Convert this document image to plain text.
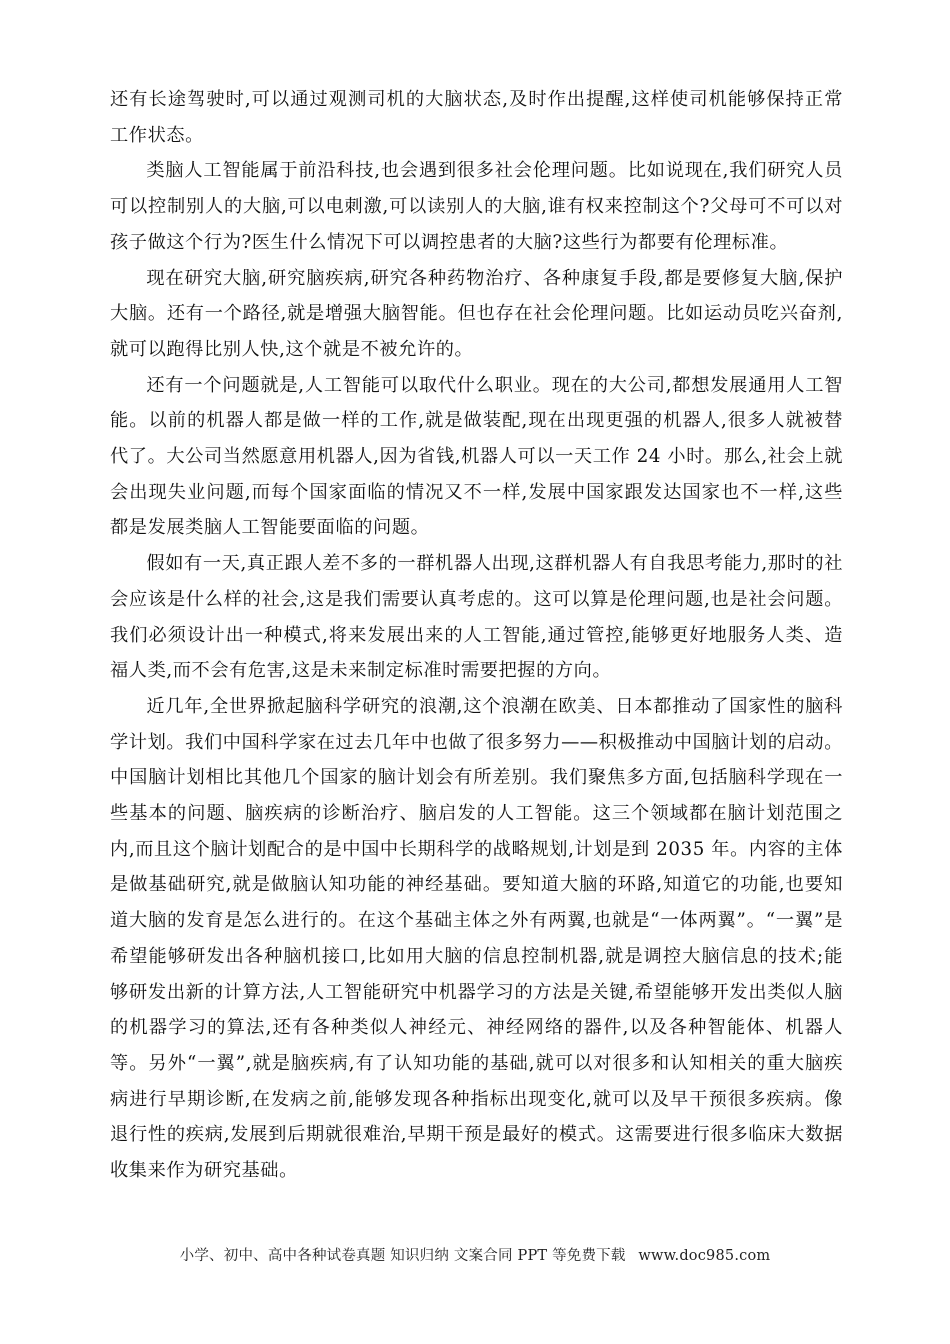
还有长途驾驶时,可以通过观测司机的大脑状态,及时作出提醒,这样使司机能够保持正常工作状态。

类脑人工智能属于前沿科技,也会遇到很多社会伦理问题。比如说现在,我们研究人员可以控制别人的大脑,可以电刺激,可以读别人的大脑,谁有权来控制这个?父母可不可以对孩子做这个行为?医生什么情况下可以调控患者的大脑?这些行为都要有伦理标准。

现在研究大脑,研究脑疾病,研究各种药物治疗、各种康复手段,都是要修复大脑,保护大脑。还有一个路径,就是增强大脑智能。但也存在社会伦理问题。比如运动员吃兴奋剂,就可以跑得比别人快,这个就是不被允许的。

还有一个问题就是,人工智能可以取代什么职业。现在的大公司,都想发展通用人工智能。以前的机器人都是做一样的工作,就是做装配,现在出现更强的机器人,很多人就被替代了。大公司当然愿意用机器人,因为省钱,机器人可以一天工作 24 小时。那么,社会上就会出现失业问题,而每个国家面临的情况又不一样,发展中国家跟发达国家也不一样,这些都是发展类脑人工智能要面临的问题。

假如有一天,真正跟人差不多的一群机器人出现,这群机器人有自我思考能力,那时的社会应该是什么样的社会,这是我们需要认真考虑的。这可以算是伦理问题,也是社会问题。我们必须设计出一种模式,将来发展出来的人工智能,通过管控,能够更好地服务人类、造福人类,而不会有危害,这是未来制定标准时需要把握的方向。

近几年,全世界掀起脑科学研究的浪潮,这个浪潮在欧美、日本都推动了国家性的脑科学计划。我们中国科学家在过去几年中也做了很多努力——积极推动中国脑计划的启动。中国脑计划相比其他几个国家的脑计划会有所差别。我们聚焦多方面,包括脑科学现在一些基本的问题、脑疾病的诊断治疗、脑启发的人工智能。这三个领域都在脑计划范围之内,而且这个脑计划配合的是中国中长期科学的战略规划,计划是到 2035 年。内容的主体是做基础研究,就是做脑认知功能的神经基础。要知道大脑的环路,知道它的功能,也要知道大脑的发育是怎么进行的。在这个基础主体之外有两翼,也就是“一体两翼”。“一翼”是希望能够研发出各种脑机接口,比如用大脑的信息控制机器,就是调控大脑信息的技术;能够研发出新的计算方法,人工智能研究中机器学习的方法是关键,希望能够开发出类似人脑的机器学习的算法,还有各种类似人神经元、神经网络的器件,以及各种智能体、机器人等。另外“一翼”,就是脑疾病,有了认知功能的基础,就可以对很多和认知相关的重大脑疾病进行早期诊断,在发病之前,能够发现各种指标出现变化,就可以及早干预很多疾病。像退行性的疾病,发展到后期就很难治,早期干预是最好的模式。这需要进行很多临床大数据收集来作为研究基础。

小学、初中、高中各种试卷真题 知识归纳 文案合同 PPT 等免费下载 www.doc985.com
